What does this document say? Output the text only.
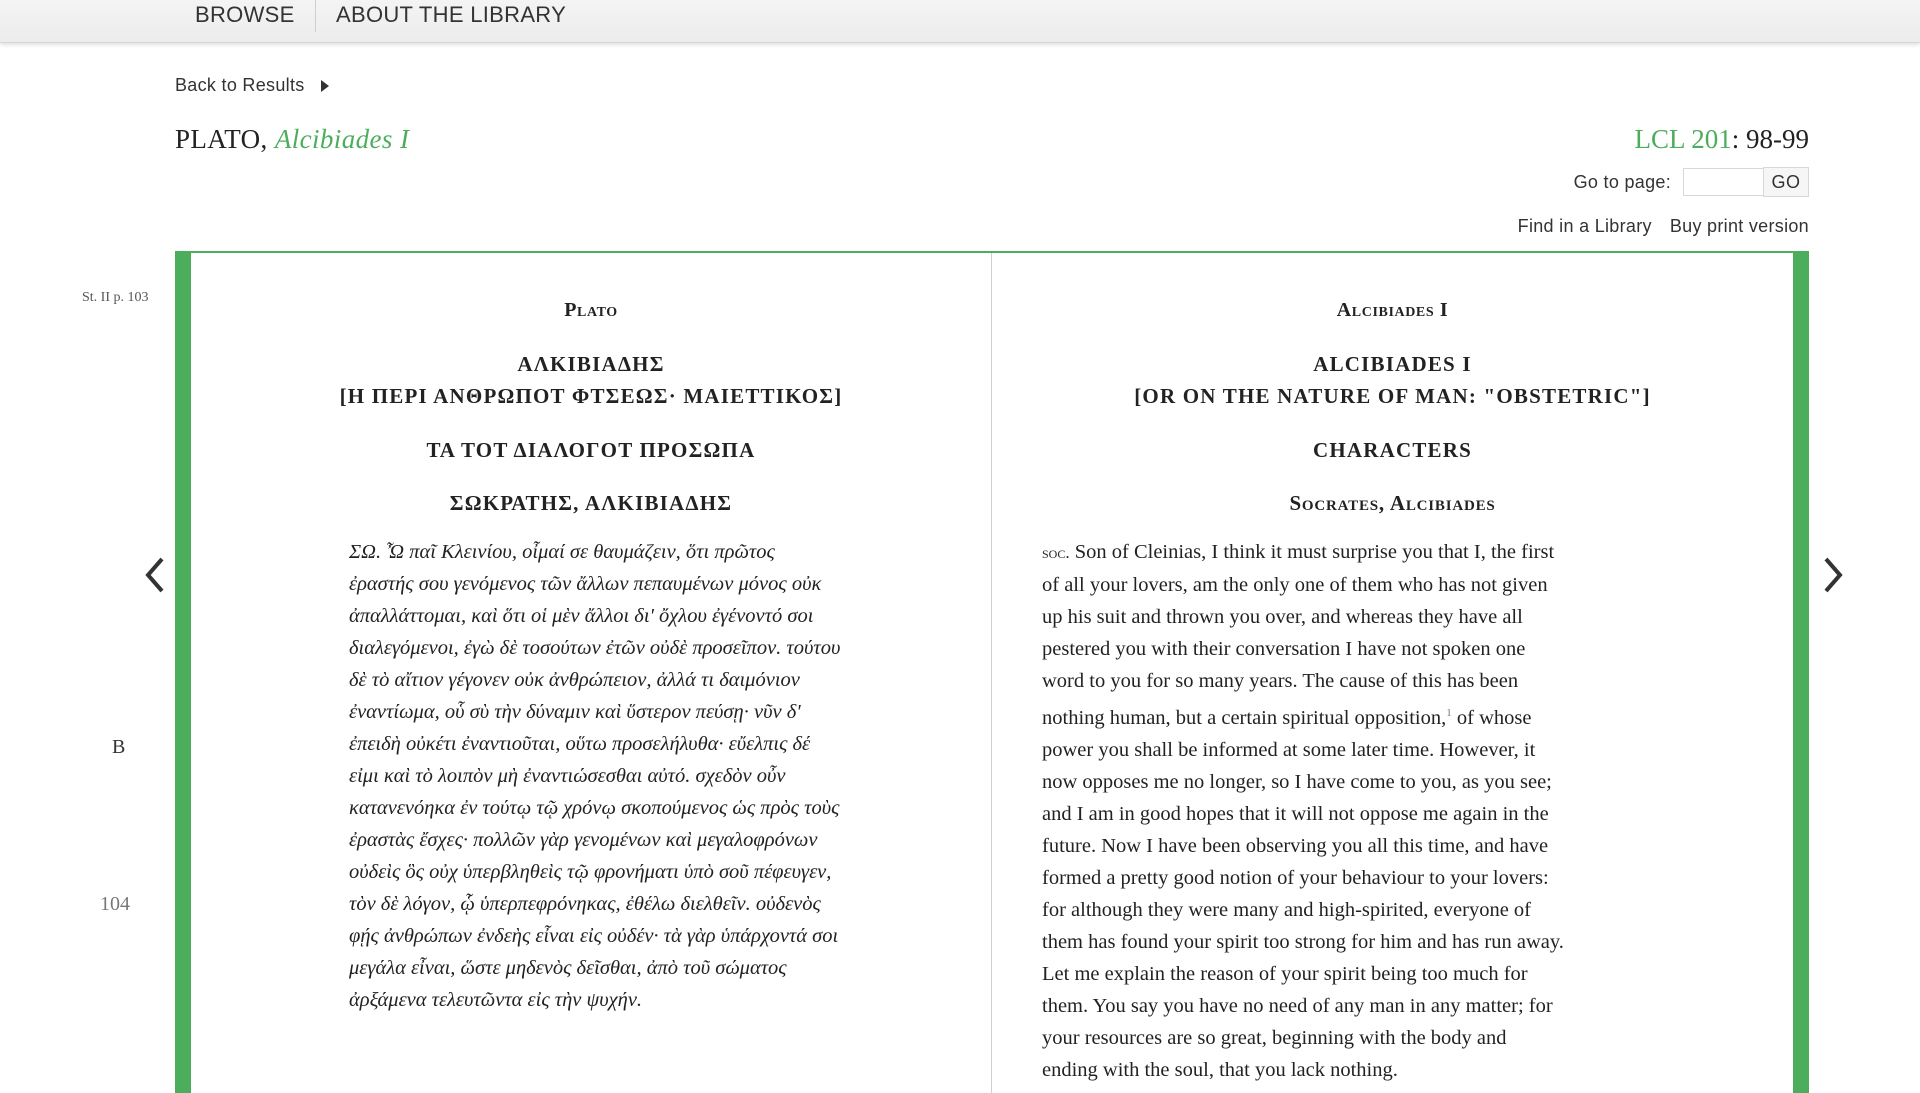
BROWSE ABOUT THE LIBRARY
Back to Results
PLATO, Alcibiades I	LCL 201: 98-99
Go to page:	GO
Find in a Library Buy print version
Plato
ΑΛΚΙΒΙΑΔΗΣ
[Η ΠΕΡΙ ΑΝΘΡΩΠΟΤ ΦΤΣΕΩΣ· ΜΑΙΕΤΤΙΚΟΣ]
ΤΑ ΤΟΤ ΔΙΑΛΟΓΟΤ ΠΡΟΣΩΠΑ
ΣΩΚΡΑΤΗΣ, ΑΛΚΙΒΙΑΔΗΣ
ΣΩ. Ὦ παῖ Κλεινίου, οἶμαί σε θαυμάζειν, ὅτι πρῶτος
ἐραστής σου γενόμενος τῶν ἄλλων πεπαυμένων μόνος οὐκ
ἀπαλλάττομαι, καὶ ὅτι οἱ μὲν ἄλλοι δι' ὄχλου ἐγένοντό σοι
διαλεγόμενοι, ἐγὼ δὲ τοσούτων ἐτῶν οὐδὲ προσεῖπον. τούτου
δὲ τὸ αἴτιον γέγονεν οὐκ ἀνθρώπειον, ἀλλά τι δαιμόνιον
ἐναντίωμα, οὗ σὺ τὴν δύναμιν καὶ ὕστερον πεύσῃ· νῦν δ'
ἐπειδὴ οὐκέτι ἐναντιοῦται, οὕτω προσελήλυθα· εὔελπις δέ
εἰμι καὶ τὸ λοιπὸν μὴ ἐναντιώσεσθαι αὐτό. σχεδὸν οὖν
κατανενόηκα ἐν τούτῳ τῷ χρόνῳ σκοπούμενος ὡς πρὸς τοὺς
ἐραστὰς ἔσχες· πολλῶν γὰρ γενομένων καὶ μεγαλοφρόνων
οὐδεὶς ὃς οὐχ ὑπερβληθεὶς τῷ φρονήματι ὑπὸ σοῦ πέφευγεν,
τὸν δὲ λόγον, ᾧ ὑπερπεφρόνηκας, ἐθέλω διελθεῖν. οὐδενὸς
φῄς ἀνθρώπων ἐνδεὴς εἶναι εἰς οὐδέν· τὰ γὰρ ὑπάρχοντά σοι
μεγάλα εἶναι, ὥστε μηδενὸς δεῖσθαι, ἀπὸ τοῦ σώματος
ἀρξάμενα τελευτῶντα εἰς τὴν ψυχήν.
Alcibiades I
ALCIBIADES I
[OR ON THE NATURE OF MAN: "OBSTETRIC"]
CHARACTERS
Socrates, Alcibiades
soc. Son of Cleinias, I think it must surprise you that I, the first
of all your lovers, am the only one of them who has not given
up his suit and thrown you over, and whereas they have all
pestered you with their conversation I have not spoken one
word to you for so many years. The cause of this has been
nothing human, but a certain spiritual opposition,$^1$ of whose
power you shall be informed at some later time. However, it
now opposes me no longer, so I have come to you, as you see;
and I am in good hopes that it will not oppose me again in the
future. Now I have been observing you all this time, and have
formed a pretty good notion of your behaviour to your lovers:
for although they were many and high-spirited, everyone of
them has found your spirit too strong for him and has run away.
Let me explain the reason of your spirit being too much for
them. You say you have no need of any man in any matter; for
your resources are so great, beginning with the body and
ending with the soul, that you lack nothing.
St. II p. 103
B
104
